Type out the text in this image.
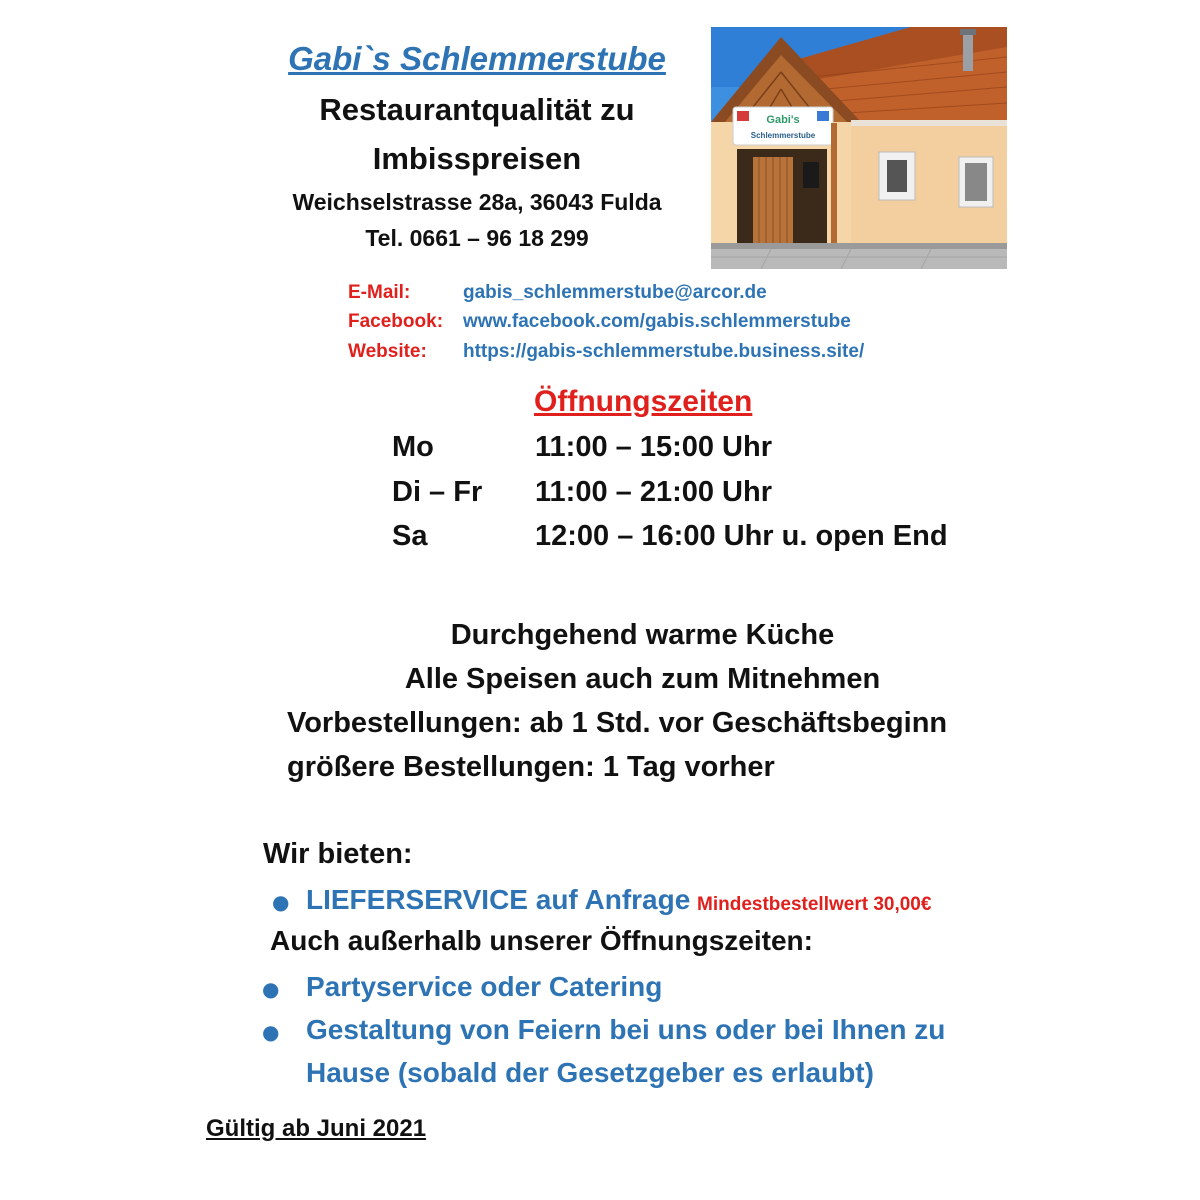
Gabi`s Schlemmerstube
Restaurantqualität zu
Imbisspreisen
Weichselstrasse 28a, 36043 Fulda
Tel. 0661 – 96 18 299
Gabi's
Schlemmerstube
E-Mail:	gabis_schlemmerstube@arcor.de
Facebook: www.facebook.com/gabis.schlemmerstube
Website: https://gabis-schlemmerstube.business.site/
Öffnungszeiten
Mo	11:00 – 15:00 Uhr
Di – Fr 11:00 – 21:00 Uhr
Sa	12:00 – 16:00 Uhr u. open End
Durchgehend warme Küche
Alle Speisen auch zum Mitnehmen
Vorbestellungen: ab 1 Std. vor Geschäftsbeginn
größere Bestellungen: 1 Tag vorher
Wir bieten:
● LIEFERSERVICE auf Anfrage Mindestbestellwert 30,00€
Auch außerhalb unserer Öffnungszeiten:
● Partyservice oder Catering
● Gestaltung von Feiern bei uns oder bei Ihnen zu
Hause (sobald der Gesetzgeber es erlaubt)
Gültig ab Juni 2021
